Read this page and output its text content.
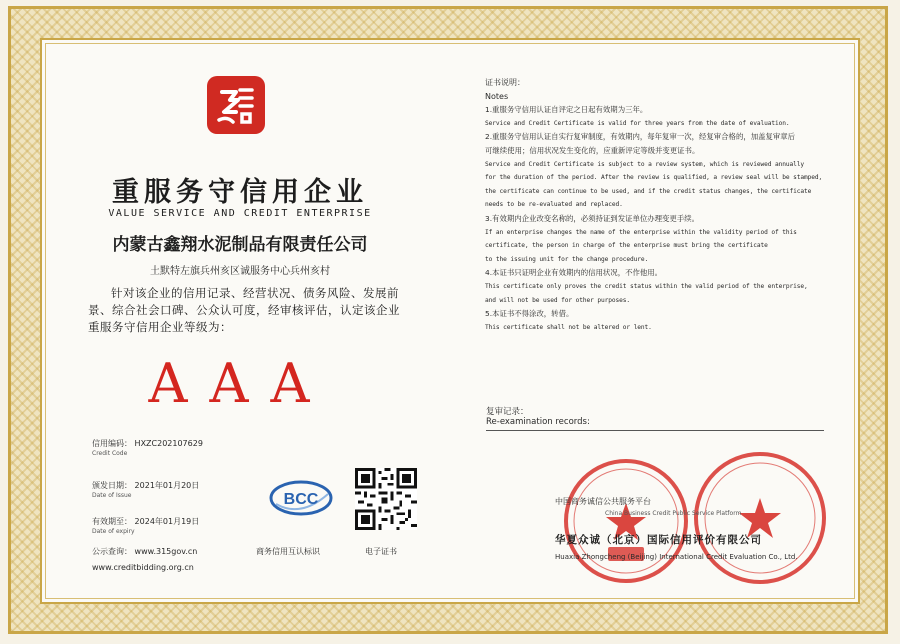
重服务守信用企业
VALUE SERVICE AND CREDIT ENTERPRISE
内蒙古鑫翔水泥制品有限责任公司
土默特左旗兵州亥区诚服务中心兵州亥村
针对该企业的信用记录、经营状况、债务风险、发展前景、综合社会口碑、公众认可度，经审核评估，认定该企业重服务守信用企业等级为：
AAA
信用编码： HXZC202107629
Credit Code
颁发日期： 2021年01月20日
Date of Issue
有效期至： 2024年01月19日
Date of expiry
公示查询： www.315gov.cn
www.creditbidding.org.cn
BCC
商务信用互认标识	电子证书
证书说明：
Notes
1.重服务守信用认证自评定之日起有效期为三年。
Service and Credit Certificate is valid for three years from the date of evaluation.
2.重服务守信用认证自实行复审制度，有效期内，每年复审一次，经复审合格的，加盖复审章后
可继续使用；信用状况发生变化的，应重新评定等级并变更证书。
Service and Credit Certificate is subject to a review system, which is reviewed annually
for the duration of the period. After the review is qualified, a review seal will be stamped,
the certificate can continue to be used, and if the credit status changes, the certificate
needs to be re-evaluated and replaced.
3.有效期内企业改变名称的，必须持证到发证单位办理变更手续。
If an enterprise changes the name of the enterprise within the validity period of this
certificate, the person in charge of the enterprise must bring the certificate
to the issuing unit for the change procedure.
4.本证书只证明企业有效期内的信用状况，不作他用。
This certificate only proves the credit status within the valid period of the enterprise,
and will not be used for other purposes.
5.本证书不得涂改，转借。
This certificate shall not be altered or lent.
复审记录：
Re-examination records:
中国商务诚信公共服务平台
China Business Credit Public Service Platform
华夏众诚（北京）国际信用评价有限公司
Huaxia Zhongcheng (Beijing) International Credit Evaluation Co., Ltd.
